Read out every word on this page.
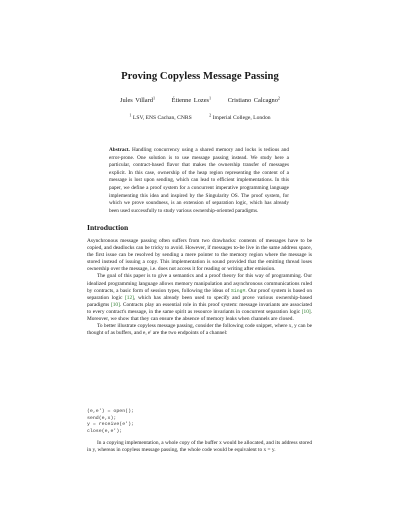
Proving Copyless Message Passing
Jules Villard$^1$	Étienne Lozes$^1$	Cristiano Calcagno$^2$
$^1$ LSV, ENS Cachan, CNRS $^2$ Imperial College, London
Abstract. Handling concurrency using a shared memory and locks is tedious and error-prone. One solution is to use message passing instead. We study here a particular, contract-based flavor that makes the ownership transfer of messages explicit. In this case, ownership of the heap region representing the content of a message is lost upon sending, which can lead to efficient implementations. In this paper, we define a proof system for a concurrent imperative programming language implementing this idea and inspired by the Singularity OS. The proof system, for which we prove soundness, is an extension of separation logic, which has already been used successfully to study various ownership-oriented paradigms.
Introduction

Asynchronous message passing often suffers from two drawbacks: contents of messages have to be copied, and deadlocks can be tricky to avoid. However, if messages to-be live in the same address space, the first issue can be resolved by sending a mere pointer to the memory region where the message is stored instead of issuing a copy. This implementation is sound provided that the emitting thread loses ownership over the message, i.e. does not access it for reading or writing after emission.

The goal of this paper is to give a semantics and a proof theory for this way of programming. Our idealized programming language allows memory manipulation and asynchronous communications ruled by contracts, a basic form of session types, following the ideas of Sing#. Our proof system is based on separation logic [12], which has already been used to specify and prove various ownership-based paradigms [10]. Contracts play an essential role in this proof system: message invariants are associated to every contract's message, in the same spirit as resource invariants in concurrent separation logic [10]. Moreover, we show that they can ensure the absence of memory leaks when channels are closed.

To better illustrate copyless message passing, consider the following code snippet, where x, y can be thought of as buffers, and e, e' are the two endpoints of a channel:

(e,e') = open();
send(e,x);
y = receive(e');
close(e,e');

In a copying implementation, a whole copy of the buffer x would be allocated, and its address stored in y, whereas in copyless message passing, the whole code would be equivalent to x = y.
